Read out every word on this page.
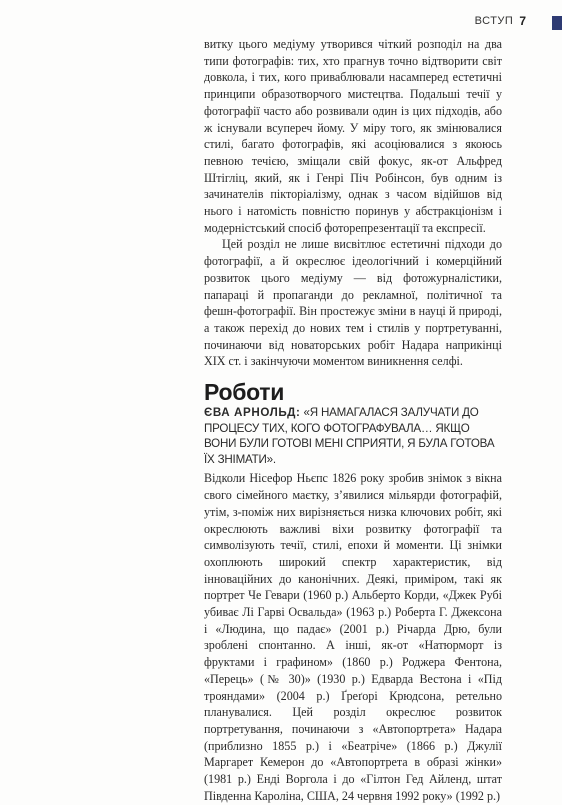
ВСТУП 7

витку цього медіуму утворився чіткий розподіл на два типи фотографів: тих, хто прагнув точно відтворити світ довкола, і тих, кого приваблювали насамперед естетичні принципи образотворчого мистецтва. Подальші течії у фотографії часто або розвивали один із цих підходів, або ж існували всупереч йому. У міру того, як змінювалися стилі, багато фотографів, які асоціювалися з якоюсь певною течією, зміщали свій фокус, як-от Альфред Штігліц, який, як і Генрі Піч Робінсон, був одним із зачинателів пікторіалізму, однак з часом відійшов від нього і натомість повністю поринув у абстракціонізм і модерністський спосіб фоторепрезентації та експресії.

Цей розділ не лише висвітлює естетичні підходи до фотографії, а й окреслює ідеологічний і комерційний розвиток цього медіуму — від фотожурналістики, папараці й пропаганди до рекламної, політичної та фешн-фотографії. Він простежує зміни в науці й природі, а також перехід до нових тем і стилів у портретуванні, починаючи від новаторських робіт Надара наприкінці XIX ст. і закінчуючи моментом виникнення селфі.

Роботи
ЄВА АРНОЛЬД: «Я НАМАГАЛАСЯ ЗАЛУЧАТИ ДО ПРОЦЕСУ ТИХ, КОГО ФОТОГРАФУВАЛА… ЯКЩО ВОНИ БУЛИ ГОТОВІ МЕНІ СПРИЯТИ, Я БУЛА ГОТОВА ЇХ ЗНІМАТИ».

Відколи Нісефор Ньєпс 1826 року зробив знімок з вікна свого сімейного маєтку, з’явилися мільярди фотографій, утім, з-поміж них вирізняється низка ключових робіт, які окреслюють важливі віхи розвитку фотографії та символізують течії, стилі, епохи й моменти. Ці знімки охоплюють широкий спектр характеристик, від інноваційних до канонічних. Деякі, приміром, такі як портрет Че Гевари (1960 р.) Альберто Корди, «Джек Рубі убиває Лі Гарві Освальда» (1963 р.) Роберта Г. Джексона і «Людина, що падає» (2001 р.) Річарда Дрю, були зроблені спонтанно. А інші, як-от «Натюрморт із фруктами і графином» (1860 р.) Роджера Фентона, «Перець» (№ 30)» (1930 р.) Едварда Вестона і «Під трояндами» (2004 р.) Ґреґорі Крюдсона, ретельно планувалися. Цей розділ окреслює розвиток портретування, починаючи з «Автопортрета» Надара (приблизно 1855 р.) і «Беатріче» (1866 р.) Джулії Маргарет Кемерон до «Автопортрета в образі жінки» (1981 р.) Енді Воргола і до «Гілтон Гед Айленд, штат Південна Кароліна, США, 24 червня 1992 року» (1992 р.)
